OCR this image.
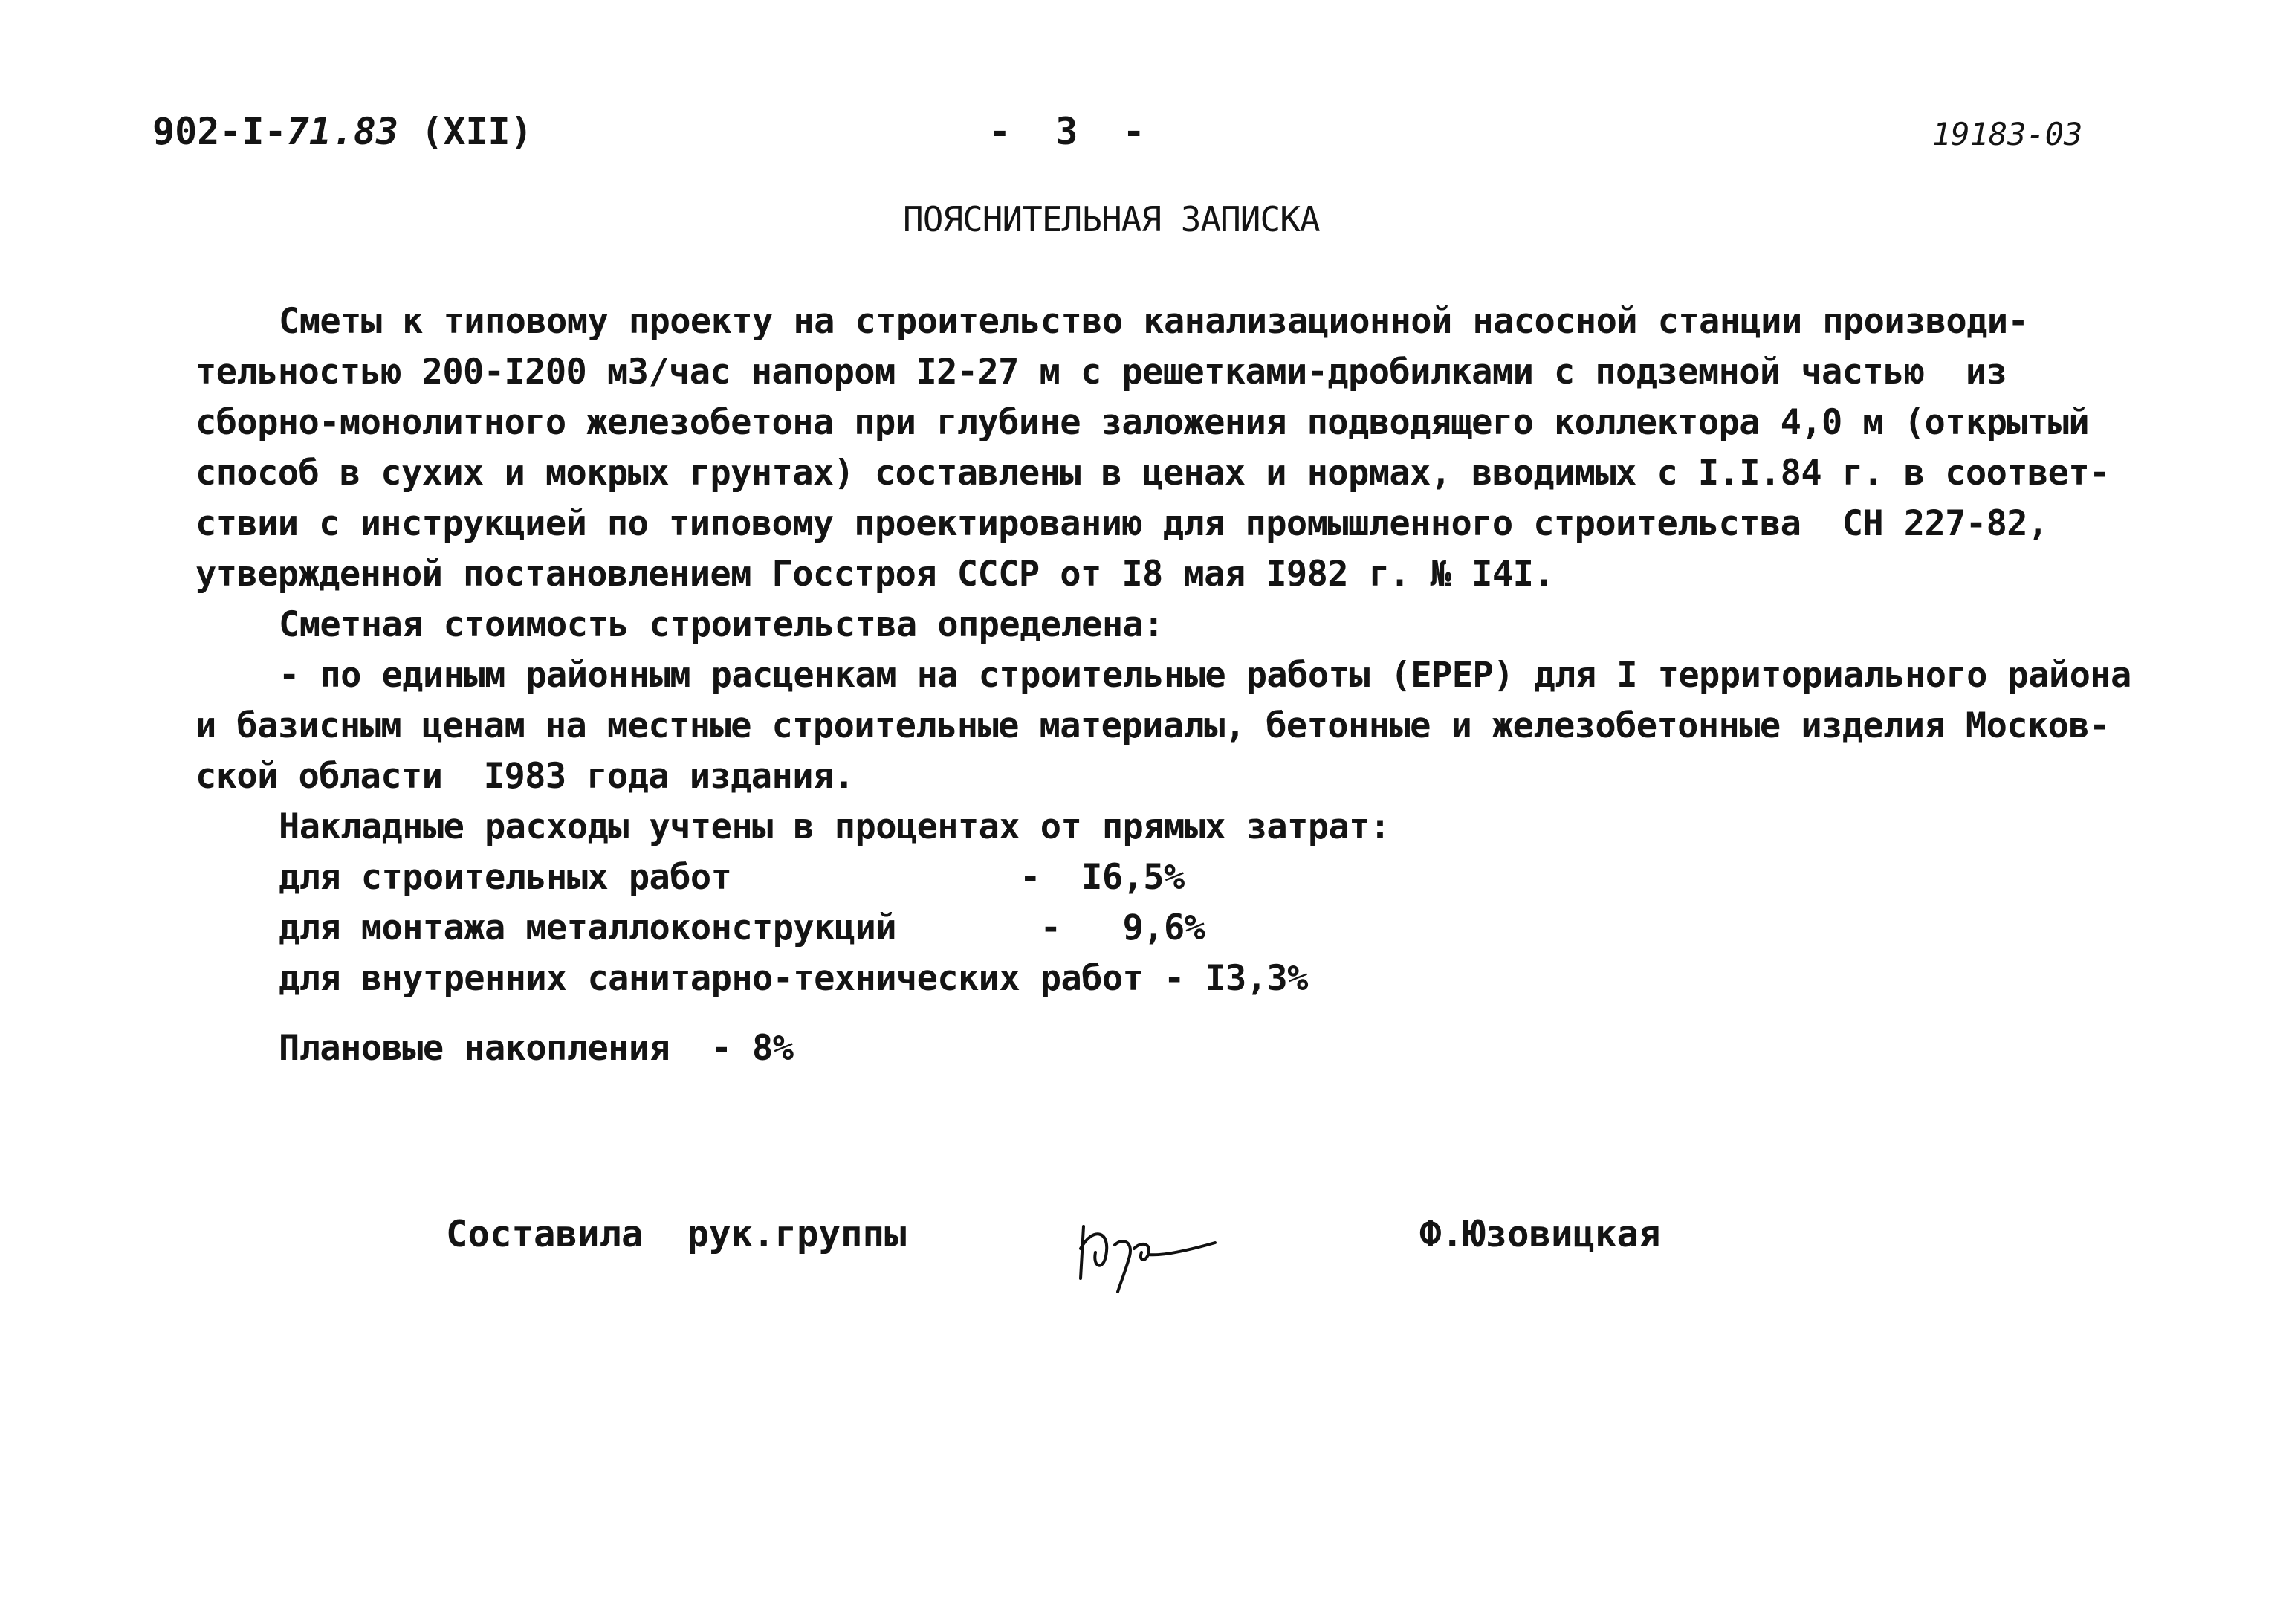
902-I-71.83 (XII)	-  3  -	19183-03
ПОЯСНИТЕЛЬНАЯ ЗАПИСКА
Сметы к типовому проекту на строительство канализационной насосной станции производи-
тельностью 200-I200 м3/час напором I2-27 м с решетками-дробилками с подземной частью  из
сборно-монолитного железобетона при глубине заложения подводящего коллектора 4,0 м (открытый
способ в сухих и мокрых грунтах) составлены в ценах и нормах, вводимых с I.I.84 г. в соответ-
ствии с инструкцией по типовому проектированию для промышленного строительства  СН 227-82,
утвержденной постановлением Госстроя СССР от I8 мая I982 г. № I4I.
Сметная стоимость строительства определена:
- по единым районным расценкам на строительные работы (ЕРЕР) для I территориального района
и базисным ценам на местные строительные материалы, бетонные и железобетонные изделия Москов-
ской области  I983 года издания.
Накладные расходы учтены в процентах от прямых затрат:
для строительных работ              -  I6,5%
для монтажа металлоконструкций       -   9,6%
для внутренних санитарно-технических работ - I3,3%
Плановые накопления  - 8%
Составила  рук.группы	Ф.Юзовицкая
